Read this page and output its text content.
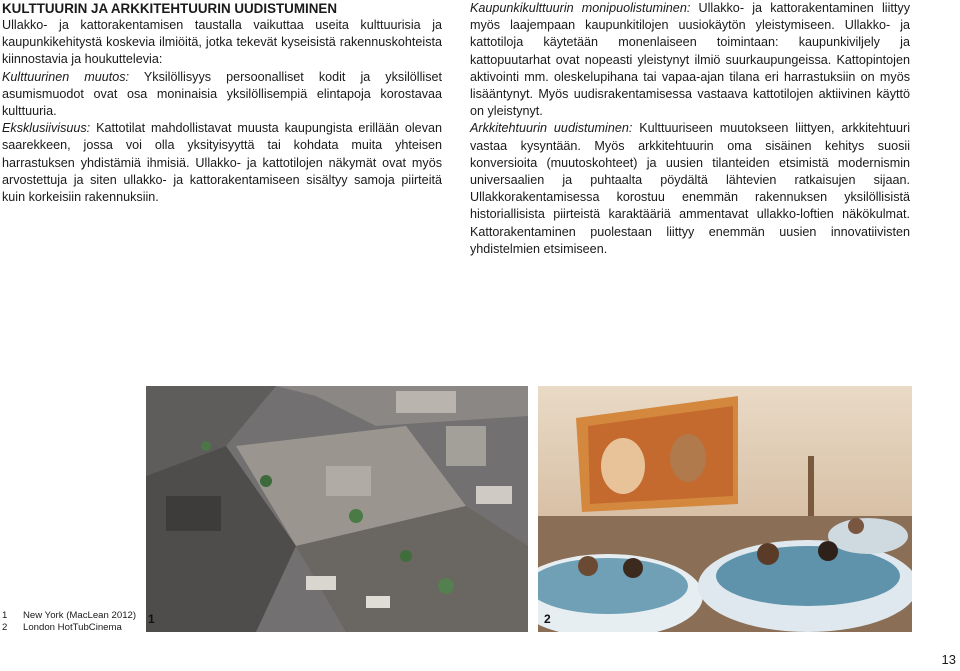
KULTTUURIN JA ARKKITEHTUURIN UUDISTUMINEN

Ullakko- ja kattorakentamisen taustalla vaikuttaa useita kulttuurisia ja kaupunkikehitystä koskevia ilmiöitä, jotka tekevät kyseisistä rakennuskohteista kiinnostavia ja houkuttelevia:

Kulttuurinen muutos: Yksilöllisyys persoonalliset kodit ja yksilölliset asumismuodot ovat osa moninaisia yksilöllisempiä elintapoja korostavaa kulttuuria.

Eksklusiivisuus: Kattotilat mahdollistavat muusta kaupungista erillään olevan saarekkeen, jossa voi olla yksityisyyttä tai kohdata muita yhteisen harrastuksen yhdistämiä ihmisiä. Ullakko- ja kattotilojen näkymät ovat myös arvostettuja ja siten ullakko- ja kattorakentamiseen sisältyy samoja piirteitä kuin korkeisiin rakennuksiin.

Kaupunkikulttuurin monipuolistuminen: Ullakko- ja kattorakentaminen liittyy myös laajempaan kaupunkitilojen uusiokäytön yleistymiseen. Ullakko- ja kattotiloja käytetään monenlaiseen toimintaan: kaupunkiviljely ja kattopuutarhat ovat nopeasti yleistynyt ilmiö suurkaupungeissa. Kattopintojen aktivointi mm. oleskelupihana tai vapaa-ajan tilana eri harrastuksiin on myös lisääntynyt. Myös uudisrakentamisessa vastaava kattotilojen aktiivinen käyttö on yleistynyt.

Arkkitehtuurin uudistuminen: Kulttuuriseen muutokseen liittyen, arkkitehtuuri vastaa kysyntään. Myös arkkitehtuurin oma sisäinen kehitys suosii konversioita (muutoskohteet) ja uusien tilanteiden etsimistä modernismin universaalien ja puhtaalta pöydältä lähtevien ratkaisujen sijaan. Ullakkorakentamisessa korostuu enemmän rakennuksen yksilöllisistä historiallisista piirteistä karaktääriä ammentavat ullakko-loftien näkökulmat. Kattorakentaminen puolestaan liittyy enemmän uusien innovatiivisten yhdistelmien etsimiseen.

1	2
1	New York (MacLean 2012)
2	London HotTubCinema
13
